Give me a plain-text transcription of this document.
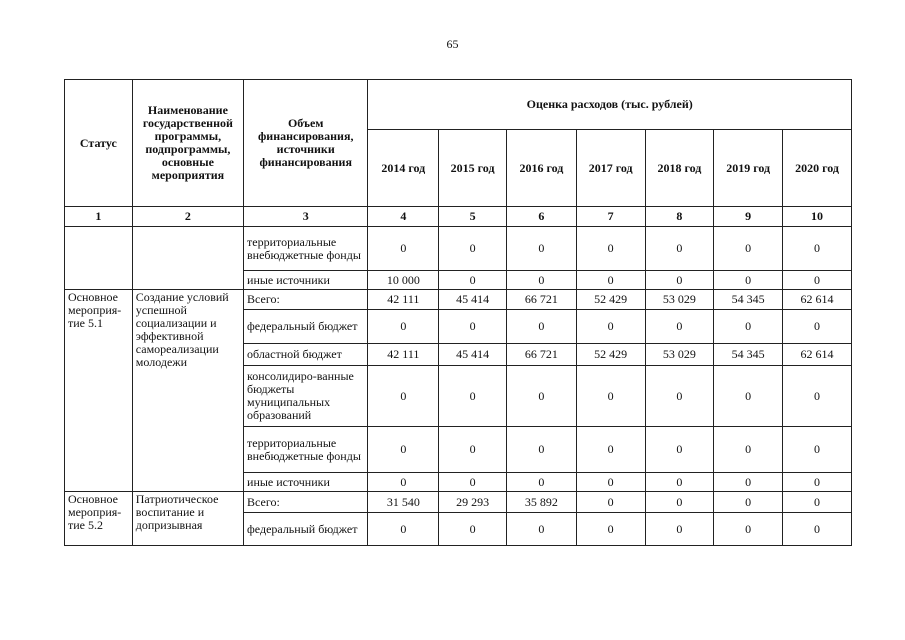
65
Статус	Наименование государственной программы, подпрограммы, основные мероприятия	Объем финансирования, источники финансирования	Оценка расходов (тыс. рублей)						
			2014 год	2015 год	2016 год	2017 год	2018 год	2019 год	2020 год
1	2	3	4	5	6	7	8	9	10
		территориальные внебюджетные фонды	0	0	0	0	0	0	0
		иные источники	10 000	0	0	0	0	0	0
Основное мероприя-тие 5.1	Создание условий успешной социализации и эффективной самореализации молодежи	Всего:	42 111	45 414	66 721	52 429	53 029	54 345	62 614
		федеральный бюджет	0	0	0	0	0	0	0
		областной бюджет	42 111	45 414	66 721	52 429	53 029	54 345	62 614
		консолидиро-ванные бюджеты муниципальных образований	0	0	0	0	0	0	0
		территориальные внебюджетные фонды	0	0	0	0	0	0	0
		иные источники	0	0	0	0	0	0	0
Основное мероприя-тие 5.2	Патриотическое воспитание и допризывная	Всего:	31 540	29 293	35 892	0	0	0	0
		федеральный бюджет	0	0	0	0	0	0	0
